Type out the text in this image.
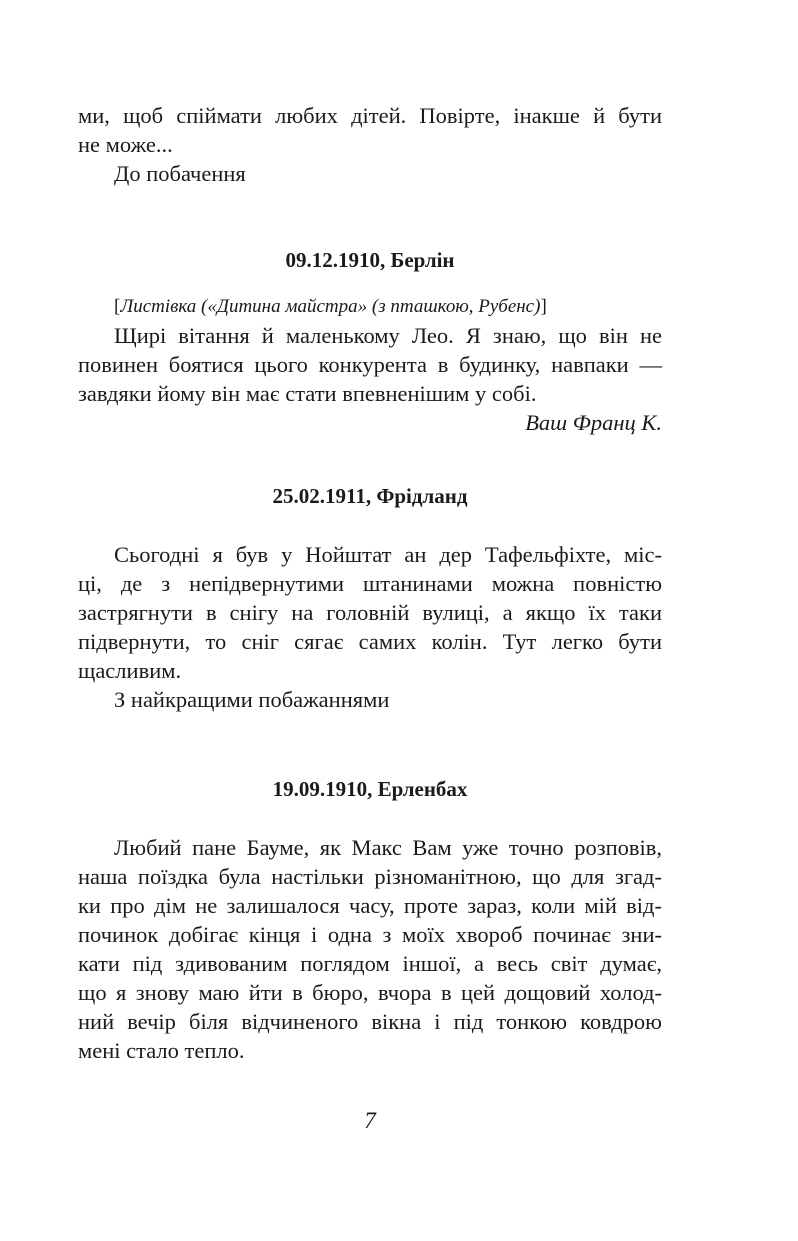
ми, щоб спіймати любих дітей. Повірте, інакше й бути
не може...
До побачення
09.12.1910, Берлін
[Листівка («Дитина майстра» (з пташкою, Рубенс)]
Щирі вітання й маленькому Лео. Я знаю, що він не
повинен боятися цього конкурента в будинку, навпаки —
завдяки йому він має стати впевненішим у собі.
Ваш Франц К.
25.02.1911, Фрідланд
Сьогодні я був у Нойштат ан дер Тафельфіхте, міс-
ці, де з непідвернутими штанинами можна повністю
застрягнути в снігу на головній вулиці, а якщо їх таки
підвернути, то сніг сягає самих колін. Тут легко бути
щасливим.
З найкращими побажаннями
19.09.1910, Ерленбах
Любий пане Бауме, як Макс Вам уже точно розповів,
наша поїздка була настільки різноманітною, що для згад-
ки про дім не залишалося часу, проте зараз, коли мій від-
починок добігає кінця і одна з моїх хвороб починає зни-
кати під здивованим поглядом іншої, а весь світ думає,
що я знову маю йти в бюро, вчора в цей дощовий холод-
ний вечір біля відчиненого вікна і під тонкою ковдрою
мені стало тепло.
7
